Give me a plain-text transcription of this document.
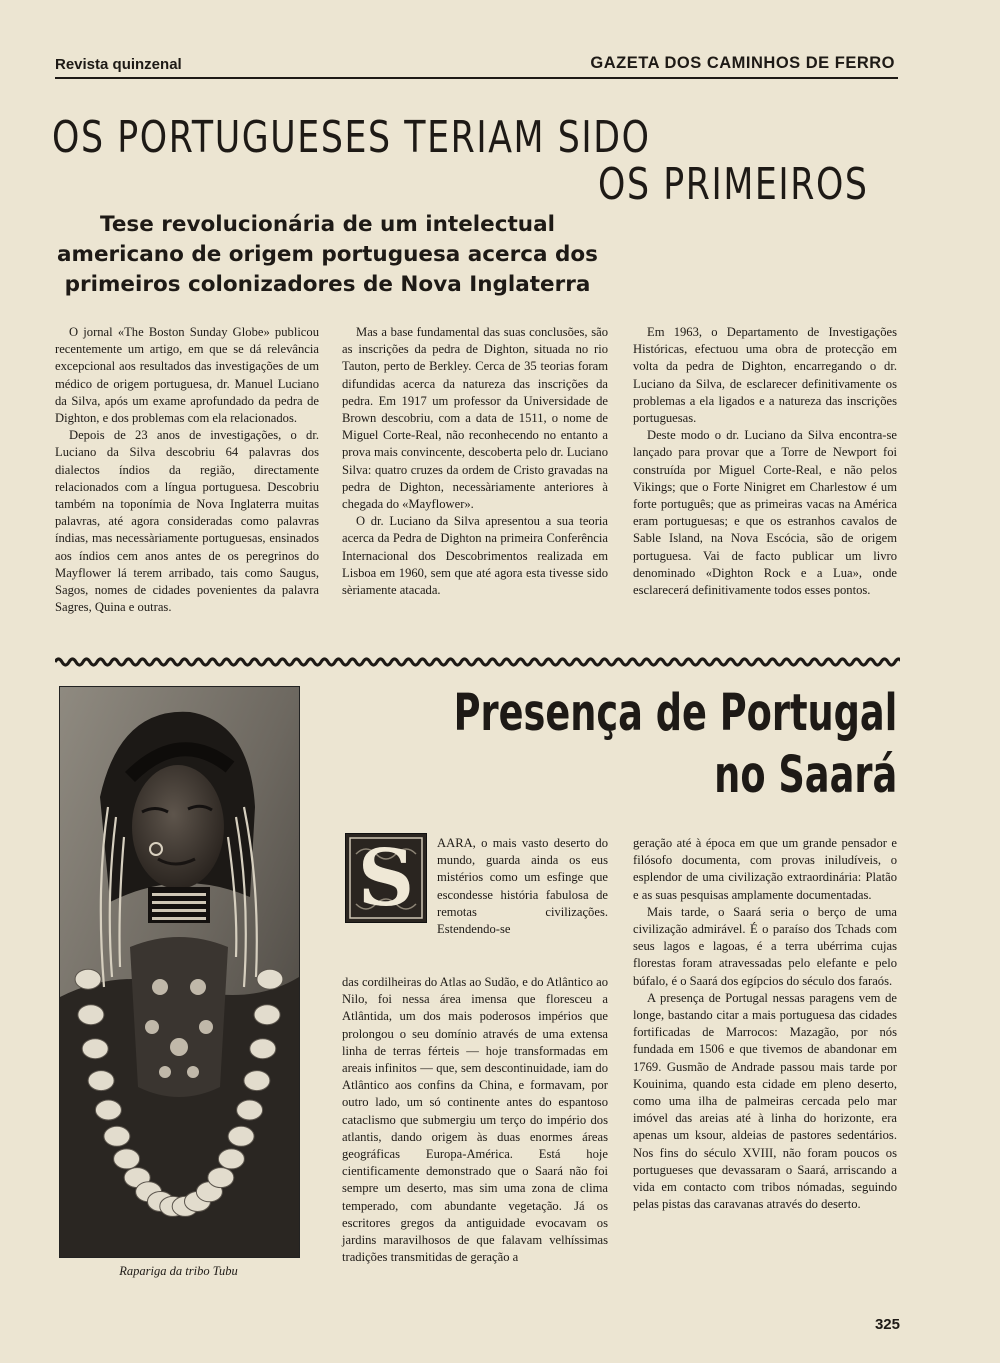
Revista quinzenal	GAZETA DOS CAMINHOS DE FERRO
OS PORTUGUESES TERIAM SIDO
OS PRIMEIROS
Tese revolucionária de um intelectual americano de origem portuguesa acerca dos primeiros colonizadores de Nova Inglaterra

O jornal «The Boston Sunday Globe» publicou recentemente um artigo, em que se dá relevância excepcional aos resultados das investigações de um médico de origem portuguesa, dr. Manuel Luciano da Silva, após um exame aprofundado da pedra de Dighton, e dos problemas com ela relacionados.

Depois de 23 anos de investigações, o dr. Luciano da Silva descobriu 64 palavras dos dialectos índios da região, directamente relacionados com a língua portuguesa. Descobriu também na toponímia de Nova Inglaterra muitas palavras, até agora consideradas como palavras índias, mas necessàriamente portuguesas, ensinados aos índios cem anos antes de os peregrinos do Mayflower lá terem arribado, tais como Saugus, Sagos, nomes de cidades povenientes da palavra Sagres, Quina e outras.

Mas a base fundamental das suas conclusões, são as inscrições da pedra de Dighton, situada no rio Tauton, perto de Berkley. Cerca de 35 teorias foram difundidas acerca da natureza das inscrições da pedra. Em 1917 um professor da Universidade de Brown descobriu, com a data de 1511, o nome de Miguel Corte-Real, não reconhecendo no entanto a prova mais convincente, descoberta pelo dr. Luciano Silva: quatro cruzes da ordem de Cristo gravadas na pedra de Dighton, necessàriamente anteriores à chegada do «Mayflower».

O dr. Luciano da Silva apresentou a sua teoria acerca da Pedra de Dighton na primeira Conferência Internacional dos Descobrimentos realizada em Lisboa em 1960, sem que até agora esta tivesse sido sèriamente atacada.

Em 1963, o Departamento de Investigações Históricas, efectuou uma obra de protecção em volta da pedra de Dighton, encarregando o dr. Luciano da Silva, de esclarecer definitivamente os problemas a ela ligados e a natureza das inscrições portuguesas.

Deste modo o dr. Luciano da Silva encontra-se lançado para provar que a Torre de Newport foi construída por Miguel Corte-Real, e não pelos Vikings; que o Forte Ninigret em Charlestow é um forte português; que as primeiras vacas na América eram portuguesas; e que os estranhos cavalos de Sable Island, na Nova Escócia, são de origem portuguesa. Vai de facto publicar um livro denominado «Dighton Rock e a Lua», onde esclarecerá definitivamente todos esses pontos.

Rapariga da tribo Tubu

Presença de Portugal
no Saará
S	AARA, o mais vasto deserto do mundo, guarda ainda os eus mistérios como um esfinge que escondesse história fabulosa de remotas civilizações. Estendendo-se

das cordilheiras do Atlas ao Sudão, e do Atlântico ao Nilo, foi nessa área imensa que floresceu a Atlântida, um dos mais poderosos impérios que prolongou o seu domínio através de uma extensa linha de terras férteis — hoje transformadas em areais infinitos — que, sem descontinuidade, iam do Atlântico aos confins da China, e formavam, por outro lado, um só continente antes do espantoso cataclismo que submergiu um terço do império dos atlantis, dando origem às duas enormes áreas geográficas Europa-América. Está hoje cientificamente demonstrado que o Saará não foi sempre um deserto, mas sim uma zona de clima temperado, com abundante vegetação. Já os escritores gregos da antiguidade evocavam os jardins maravilhosos de que falavam velhíssimas tradições transmitidas de geração a

geração até à época em que um grande pensador e filósofo documenta, com provas iniludíveis, o esplendor de uma civilização extraordinária: Platão e as suas pesquisas amplamente documentadas.

Mais tarde, o Saará seria o berço de uma civilização admirável. É o paraíso dos Tchads com seus lagos e lagoas, é a terra ubérrima cujas florestas foram atravessadas pelo elefante e pelo búfalo, é o Saará dos egípcios do século dos faraós.

A presença de Portugal nessas paragens vem de longe, bastando citar a mais portuguesa das cidades fortificadas de Marrocos: Mazagão, por nós fundada em 1506 e que tivemos de abandonar em 1769. Gusmão de Andrade passou mais tarde por Kouinima, quando esta cidade em pleno deserto, como uma ilha de palmeiras cercada pelo mar imóvel das areias até à linha do horizonte, era apenas um ksour, aldeias de pastores sedentários. Nos fins do século XVIII, não foram poucos os portugueses que devassaram o Saará, arriscando a vida em contacto com tribos nómadas, seguindo pelas pistas das caravanas através do deserto.

325
